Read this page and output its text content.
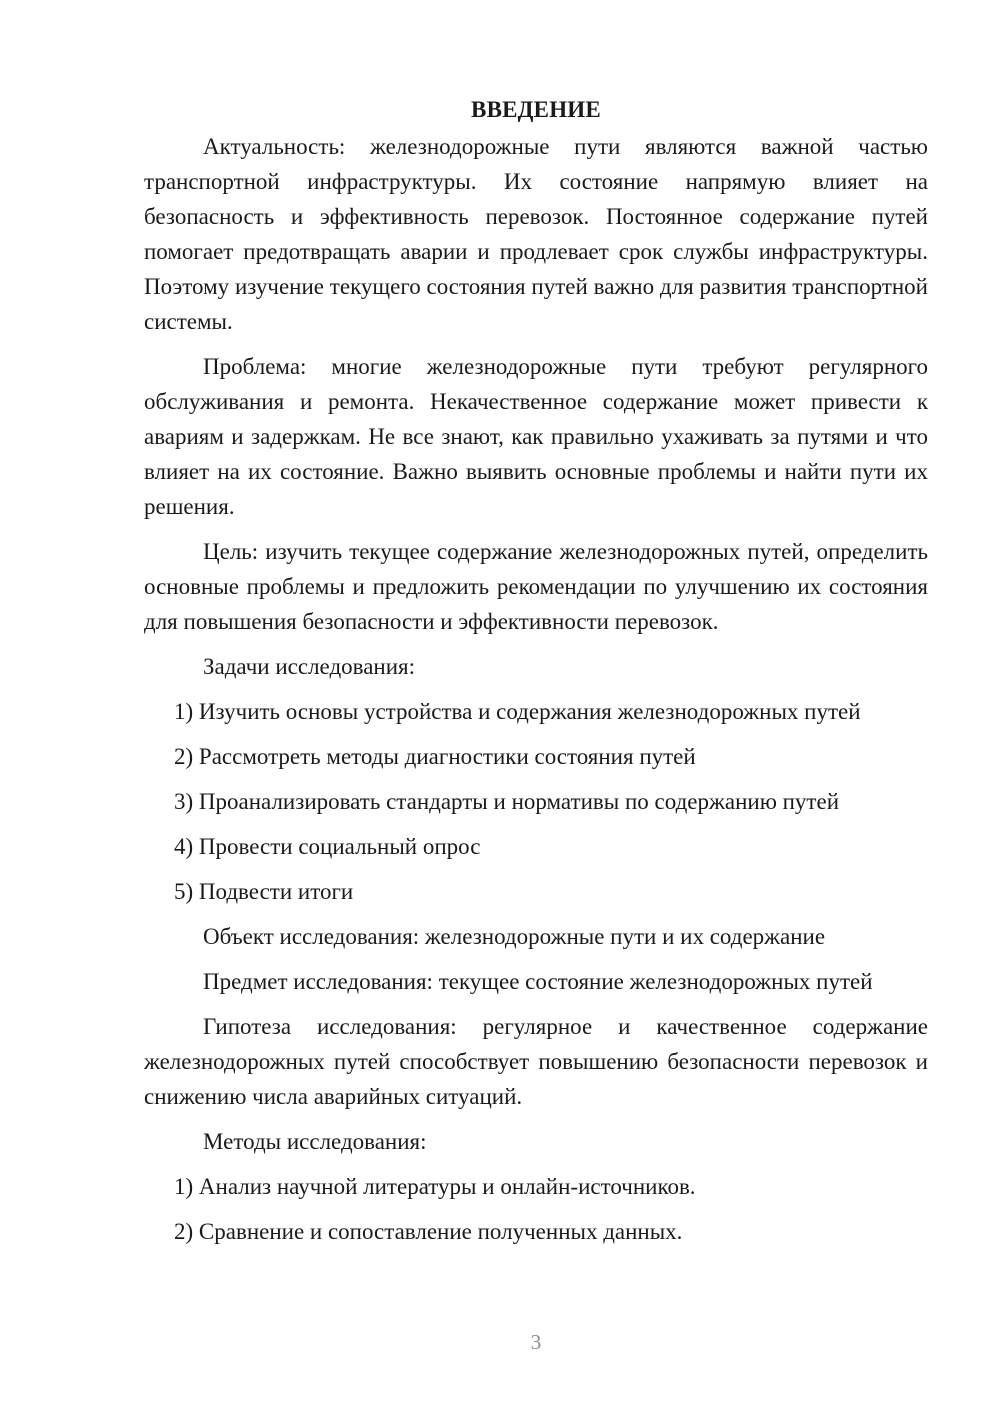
ВВЕДЕНИЕ

Актуальность: железнодорожные пути являются важной частью транспортной инфраструктуры. Их состояние напрямую влияет на безопасность и эффективность перевозок. Постоянное содержание путей помогает предотвращать аварии и продлевает срок службы инфраструктуры. Поэтому изучение текущего состояния путей важно для развития транспортной системы.

Проблема: многие железнодорожные пути требуют регулярного обслуживания и ремонта. Некачественное содержание может привести к авариям и задержкам. Не все знают, как правильно ухаживать за путями и что влияет на их состояние. Важно выявить основные проблемы и найти пути их решения.

Цель: изучить текущее содержание железнодорожных путей, определить основные проблемы и предложить рекомендации по улучшению их состояния для повышения безопасности и эффективности перевозок.

Задачи исследования:

1) Изучить основы устройства и содержания железнодорожных путей

2) Рассмотреть методы диагностики состояния путей

3) Проанализировать стандарты и нормативы по содержанию путей

4) Провести социальный опрос

5) Подвести итоги

Объект исследования: железнодорожные пути и их содержание

Предмет исследования: текущее состояние железнодорожных путей

Гипотеза исследования: регулярное и качественное содержание железнодорожных путей способствует повышению безопасности перевозок и снижению числа аварийных ситуаций.

Методы исследования:

1) Анализ научной литературы и онлайн-источников.

2) Сравнение и сопоставление полученных данных.

3
